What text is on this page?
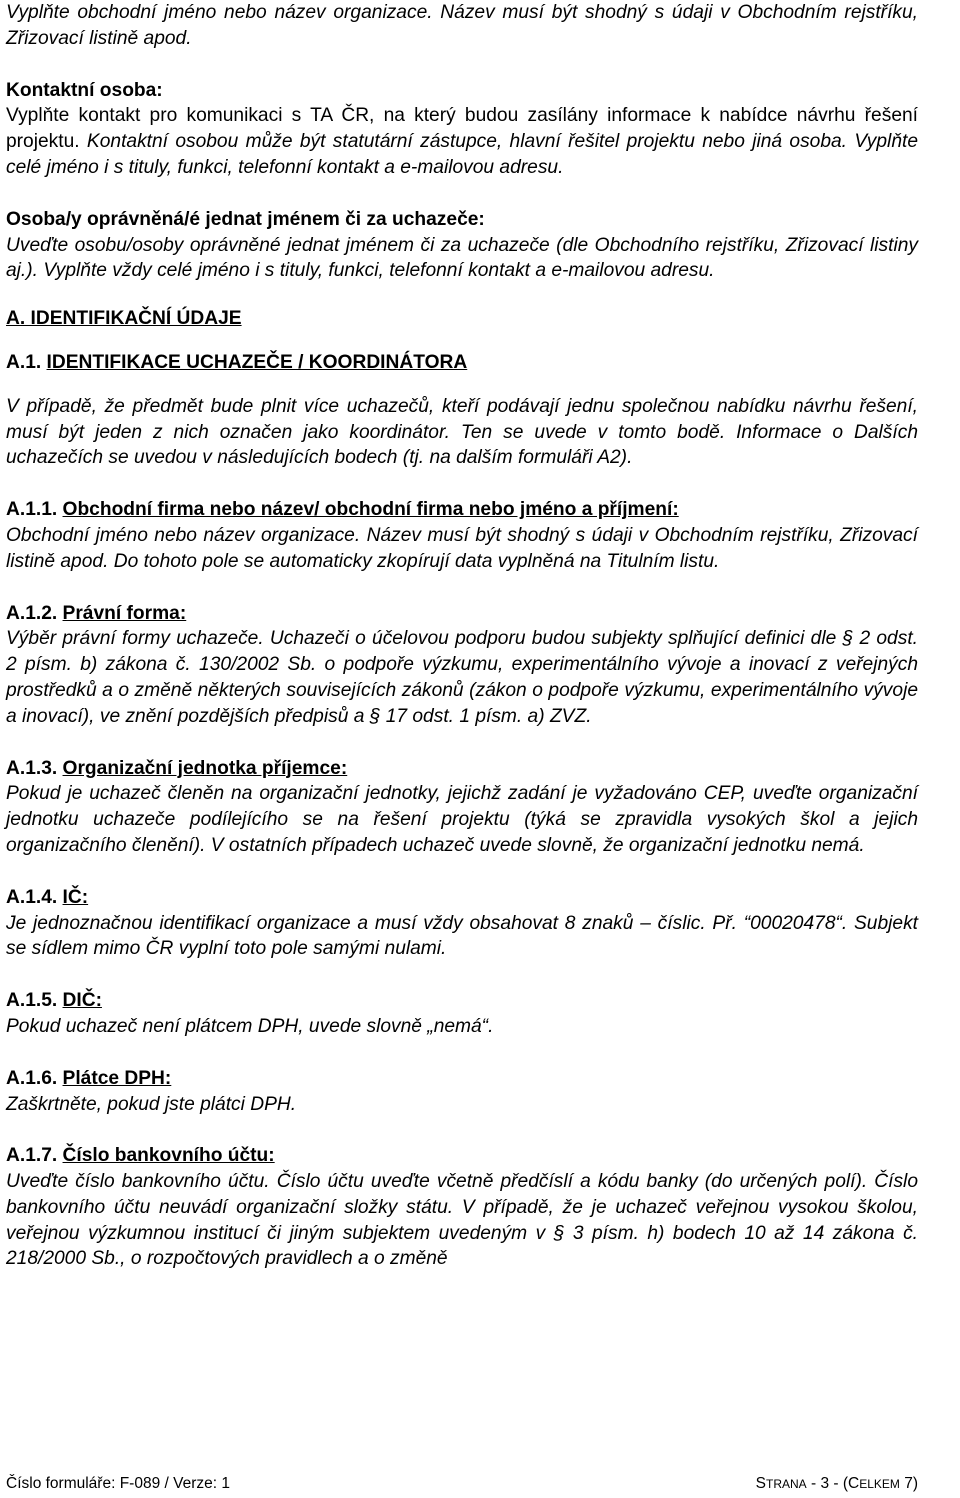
Vyplňte obchodní jméno nebo název organizace. Název musí být shodný s údaji v Obchodním rejstříku, Zřizovací listině apod.

Kontaktní osoba:

Vyplňte kontakt pro komunikaci s TA ČR, na který budou zasílány informace k nabídce návrhu řešení projektu. Kontaktní osobou může být statutární zástupce, hlavní řešitel projektu nebo jiná osoba. Vyplňte celé jméno i s tituly, funkci, telefonní kontakt a e-mailovou adresu.

Osoba/y oprávněná/é jednat jménem či za uchazeče:

Uveďte osobu/osoby oprávněné jednat jménem či za uchazeče (dle Obchodního rejstříku, Zřizovací listiny aj.). Vyplňte vždy celé jméno i s tituly, funkci, telefonní kontakt a e-mailovou adresu.

A. IDENTIFIKAČNÍ ÚDAJE

A.1. IDENTIFIKACE UCHAZEČE / KOORDINÁTORA

V případě, že předmět bude plnit více uchazečů, kteří podávají jednu společnou nabídku návrhu řešení, musí být jeden z nich označen jako koordinátor. Ten se uvede v tomto bodě. Informace o Dalších uchazečích se uvedou v následujících bodech (tj. na dalším formuláři A2).

A.1.1. Obchodní firma nebo název/ obchodní firma nebo jméno a příjmení:

Obchodní jméno nebo název organizace. Název musí být shodný s údaji v Obchodním rejstříku, Zřizovací listině apod. Do tohoto pole se automaticky zkopírují data vyplněná na Titulním listu.

A.1.2. Právní forma:

Výběr právní formy uchazeče. Uchazeči o účelovou podporu budou subjekty splňující definici dle § 2 odst. 2 písm. b) zákona č. 130/2002 Sb. o podpoře výzkumu, experimentálního vývoje a inovací z veřejných prostředků a o změně některých souvisejících zákonů (zákon o podpoře výzkumu, experimentálního vývoje a inovací), ve znění pozdějších předpisů a § 17 odst. 1 písm. a) ZVZ.

A.1.3. Organizační jednotka příjemce:

Pokud je uchazeč členěn na organizační jednotky, jejichž zadání je vyžadováno CEP, uveďte organizační jednotku uchazeče podílejícího se na řešení projektu (týká se zpravidla vysokých škol a jejich organizačního členění). V ostatních případech uchazeč uvede slovně, že organizační jednotku nemá.

A.1.4. IČ:

Je jednoznačnou identifikací organizace a musí vždy obsahovat 8 znaků – číslic. Př. “00020478“. Subjekt se sídlem mimo ČR vyplní toto pole samými nulami.

A.1.5. DIČ:

Pokud uchazeč není plátcem DPH, uvede slovně „nemá“.

A.1.6. Plátce DPH:

Zaškrtněte, pokud jste plátci DPH.

A.1.7. Číslo bankovního účtu:

Uveďte číslo bankovního účtu. Číslo účtu uveďte včetně předčíslí a kódu banky (do určených polí). Číslo bankovního účtu neuvádí organizační složky státu. V případě, že je uchazeč veřejnou vysokou školou, veřejnou výzkumnou institucí či jiným subjektem uvedeným v § 3 písm. h) bodech 10 až 14 zákona č. 218/2000 Sb., o rozpočtových pravidlech a o změně

Číslo formuláře: F-089 / Verze: 1	STRANA - 3 - (CELKEM 7)
